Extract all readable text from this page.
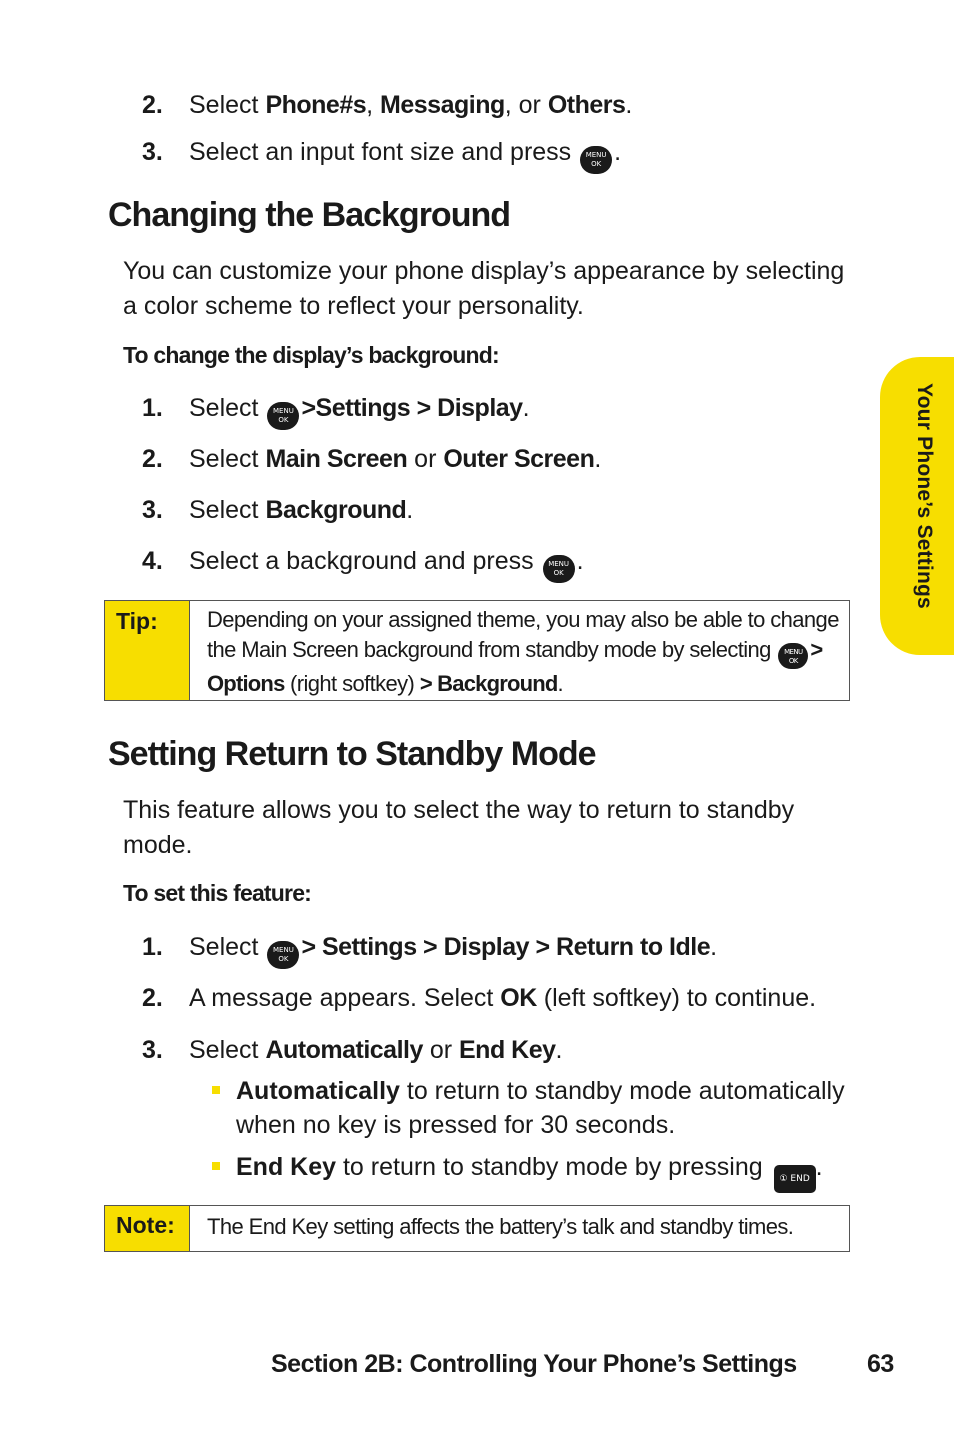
2. Select Phone#s, Messaging, or Others.
3. Select an input font size and press MENU
OK .
Changing the Background
You can customize your phone display’s appearance by selecting a color scheme to reflect your personality.
To change the display’s background:
1. Select MENU
OK >Settings > Display.
2. Select Main Screen or Outer Screen.
3. Select Background.
4. Select a background and press MENU
OK .
Tip:	Depending on your assigned theme, you may also be able to change the Main Screen background from standby mode by selecting MENU
OK > Options (right softkey) > Background.
Setting Return to Standby Mode
This feature allows you to select the way to return to standby mode.
To set this feature:
1. Select MENU
OK > Settings > Display > Return to Idle.
2. A message appears. Select OK (left softkey) to continue.
3. Select Automatically or End Key.
Automatically to return to standby mode automatically when no key is pressed for 30 seconds.
End Key to return to standby mode by pressing ① END .
Note:	The End Key setting affects the battery’s talk and standby times.
Your Phone’s Settings
Section 2B: Controlling Your Phone’s Settings	63
